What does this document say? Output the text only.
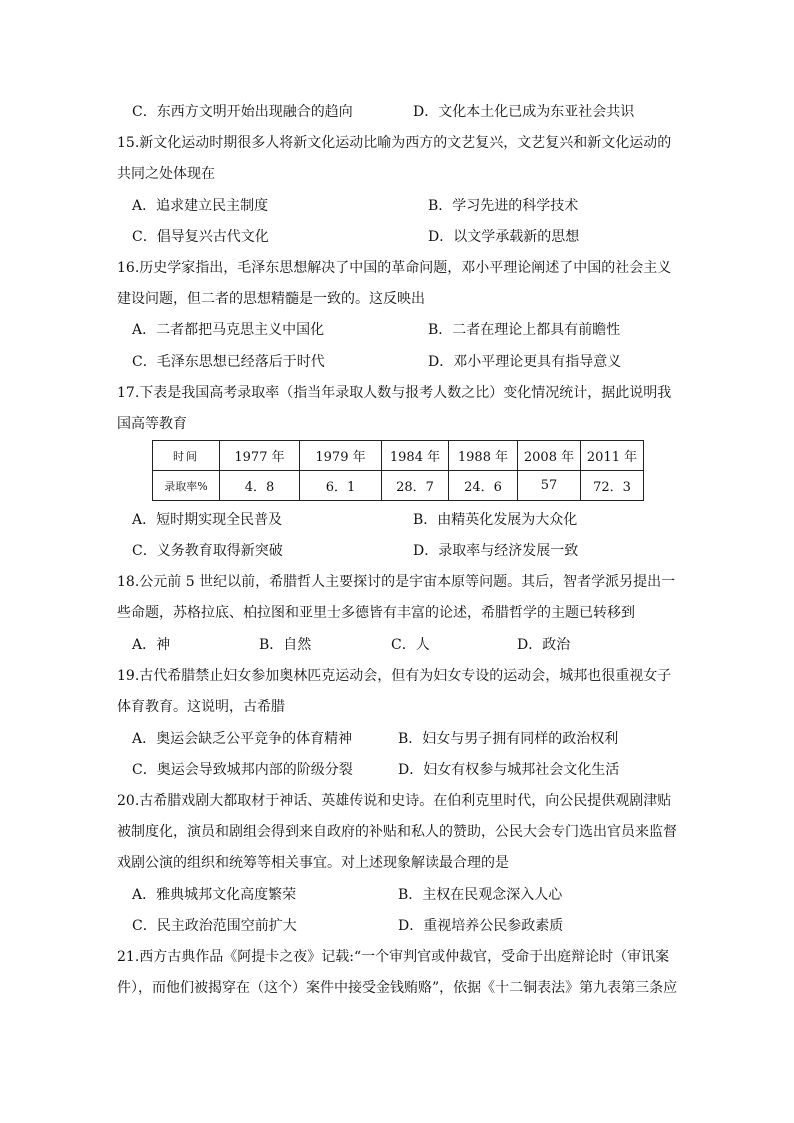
C．东西方文明开始出现融合的趋向	D．文化本土化已成为东亚社会共识
15.新文化运动时期很多人将新文化运动比喻为西方的文艺复兴，文艺复兴和新文化运动的
共同之处体现在
A．追求建立民主制度	B．学习先进的科学技术
C．倡导复兴古代文化	D．以文学承载新的思想
16.历史学家指出，毛泽东思想解决了中国的革命问题，邓小平理论阐述了中国的社会主义
建设问题，但二者的思想精髓是一致的。这反映出
A．二者都把马克思主义中国化	B．二者在理论上都具有前瞻性
C．毛泽东思想已经落后于时代	D．邓小平理论更具有指导意义
17.下表是我国高考录取率（指当年录取人数与报考人数之比）变化情况统计，据此说明我
国高等教育
时间	1977 年	1979 年	1984 年	1988 年	2008 年	2011 年
录取率%	4．8	6．1	28．7	24．6	57	72．3
A．短时期实现全民普及	B．由精英化发展为大众化
C．义务教育取得新突破	D．录取率与经济发展一致
18.公元前 5 世纪以前，希腊哲人主要探讨的是宇宙本原等问题。其后，智者学派另提出一
些命题，苏格拉底、柏拉图和亚里士多德皆有丰富的论述，希腊哲学的主题已转移到
A．神	B．自然	C．人	D．政治
19.古代希腊禁止妇女参加奥林匹克运动会，但有为妇女专设的运动会，城邦也很重视女子
体育教育。这说明，古希腊
A．奥运会缺乏公平竞争的体育精神	B．妇女与男子拥有同样的政治权利
C．奥运会导致城邦内部的阶级分裂	D．妇女有权参与城邦社会文化生活
20.古希腊戏剧大都取材于神话、英雄传说和史诗。在伯利克里时代，向公民提供观剧津贴
被制度化，演员和剧组会得到来自政府的补贴和私人的赞助，公民大会专门选出官员来监督
戏剧公演的组织和统筹等相关事宜。对上述现象解读最合理的是
A．雅典城邦文化高度繁荣	B．主权在民观念深入人心
C．民主政治范围空前扩大	D．重视培养公民参政素质
21.西方古典作品《阿提卡之夜》记载:“一个审判官或仲裁官，受命于出庭辩论时（审讯案
件），而他们被揭穿在（这个）案件中接受金钱贿赂”，依据《十二铜表法》第九表第三条应
